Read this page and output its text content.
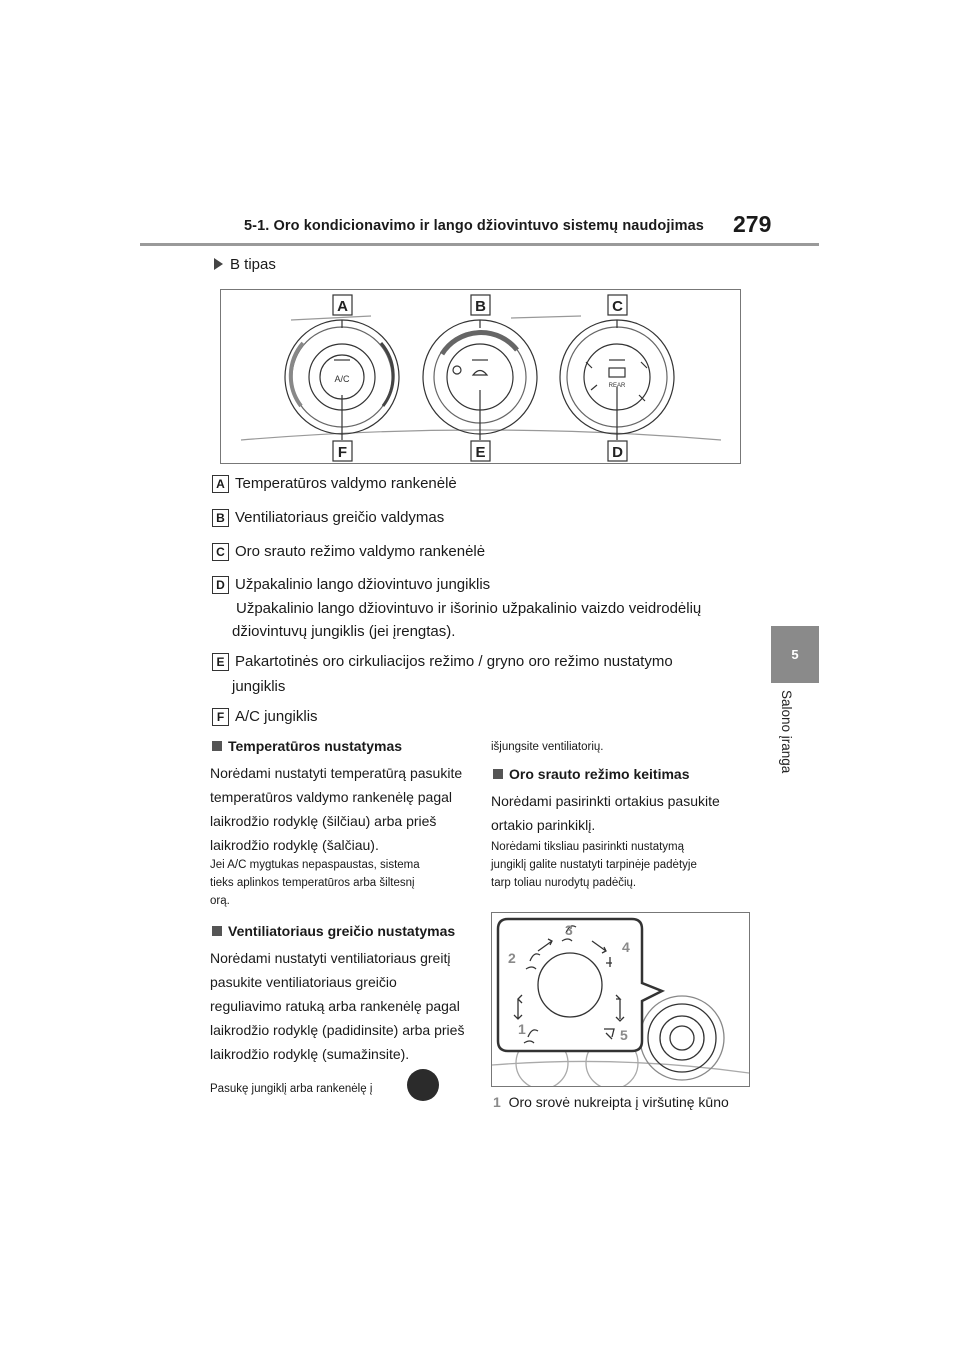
5-1. Oro kondicionavimo ir lango džiovintuvo sistemų naudojimas 279
5
Salono įranga
B tipas
A	B	C
F	E	D
A/C
REAR
A Temperatūros valdymo rankenėlė
B Ventiliatoriaus greičio valdymas
C Oro srauto režimo valdymo rankenėlė
D Užpakalinio lango džiovintuvo jungiklis
Užpakalinio lango džiovintuvo ir išorinio užpakalinio vaizdo veidrodėlių
džiovintuvų jungiklis (jei įrengtas).
E Pakartotinės oro cirkuliacijos režimo / gryno oro režimo nustatymo
jungiklis
F A/C jungiklis
Temperatūros nustatymas
Norėdami nustatyti temperatūrą pasukite
temperatūros valdymo rankenėlę pagal
laikrodžio rodyklę (šilčiau) arba prieš
laikrodžio rodyklę (šalčiau).
Jei A/C mygtukas nepaspaustas, sistema
tieks aplinkos temperatūros arba šiltesnį
orą.
Ventiliatoriaus greičio nustatymas
Norėdami nustatyti ventiliatoriaus greitį
pasukite ventiliatoriaus greičio
reguliavimo ratuką arba rankenėlę pagal
laikrodžio rodyklę (padidinsite) arba prieš
laikrodžio rodyklę (sumažinsite).
Pasukę jungiklį arba rankenėlę į
išjungsite ventiliatorių.
Oro srauto režimo keitimas
Norėdami pasirinkti ortakius pasukite
ortakio parinkiklį.
Norėdami tiksliau pasirinkti nustatymą
jungiklį galite nustatyti tarpinėje padėtyje
tarp toliau nurodytų padėčių.
1
2
3
4
5
1 Oro srovė nukreipta į viršutinę kūno
